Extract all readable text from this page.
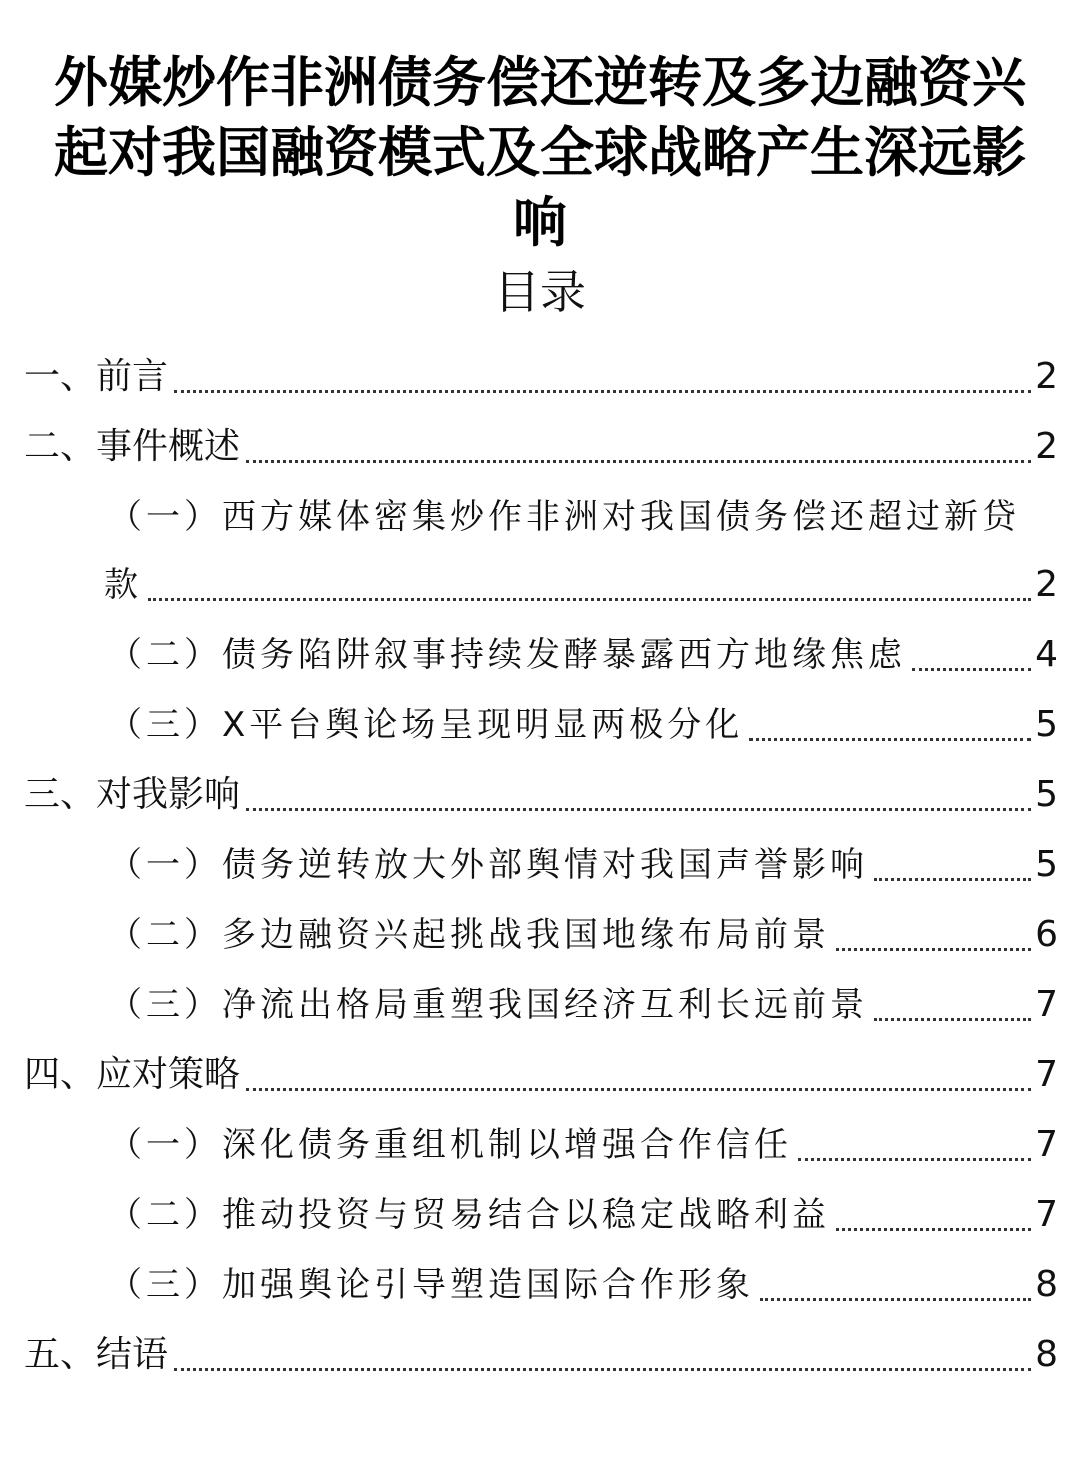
外媒炒作非洲债务偿还逆转及多边融资兴起对我国融资模式及全球战略产生深远影响
目录
一、前言	2
二、事件概述	2
（一）西方媒体密集炒作非洲对我国债务偿还超过新贷
款	2
（二）债务陷阱叙事持续发酵暴露西方地缘焦虑	4
（三）X平台舆论场呈现明显两极分化	5
三、对我影响	5
（一）债务逆转放大外部舆情对我国声誉影响	5
（二）多边融资兴起挑战我国地缘布局前景	6
（三）净流出格局重塑我国经济互利长远前景	7
四、应对策略	7
（一）深化债务重组机制以增强合作信任	7
（二）推动投资与贸易结合以稳定战略利益	7
（三）加强舆论引导塑造国际合作形象	8
五、结语	8
